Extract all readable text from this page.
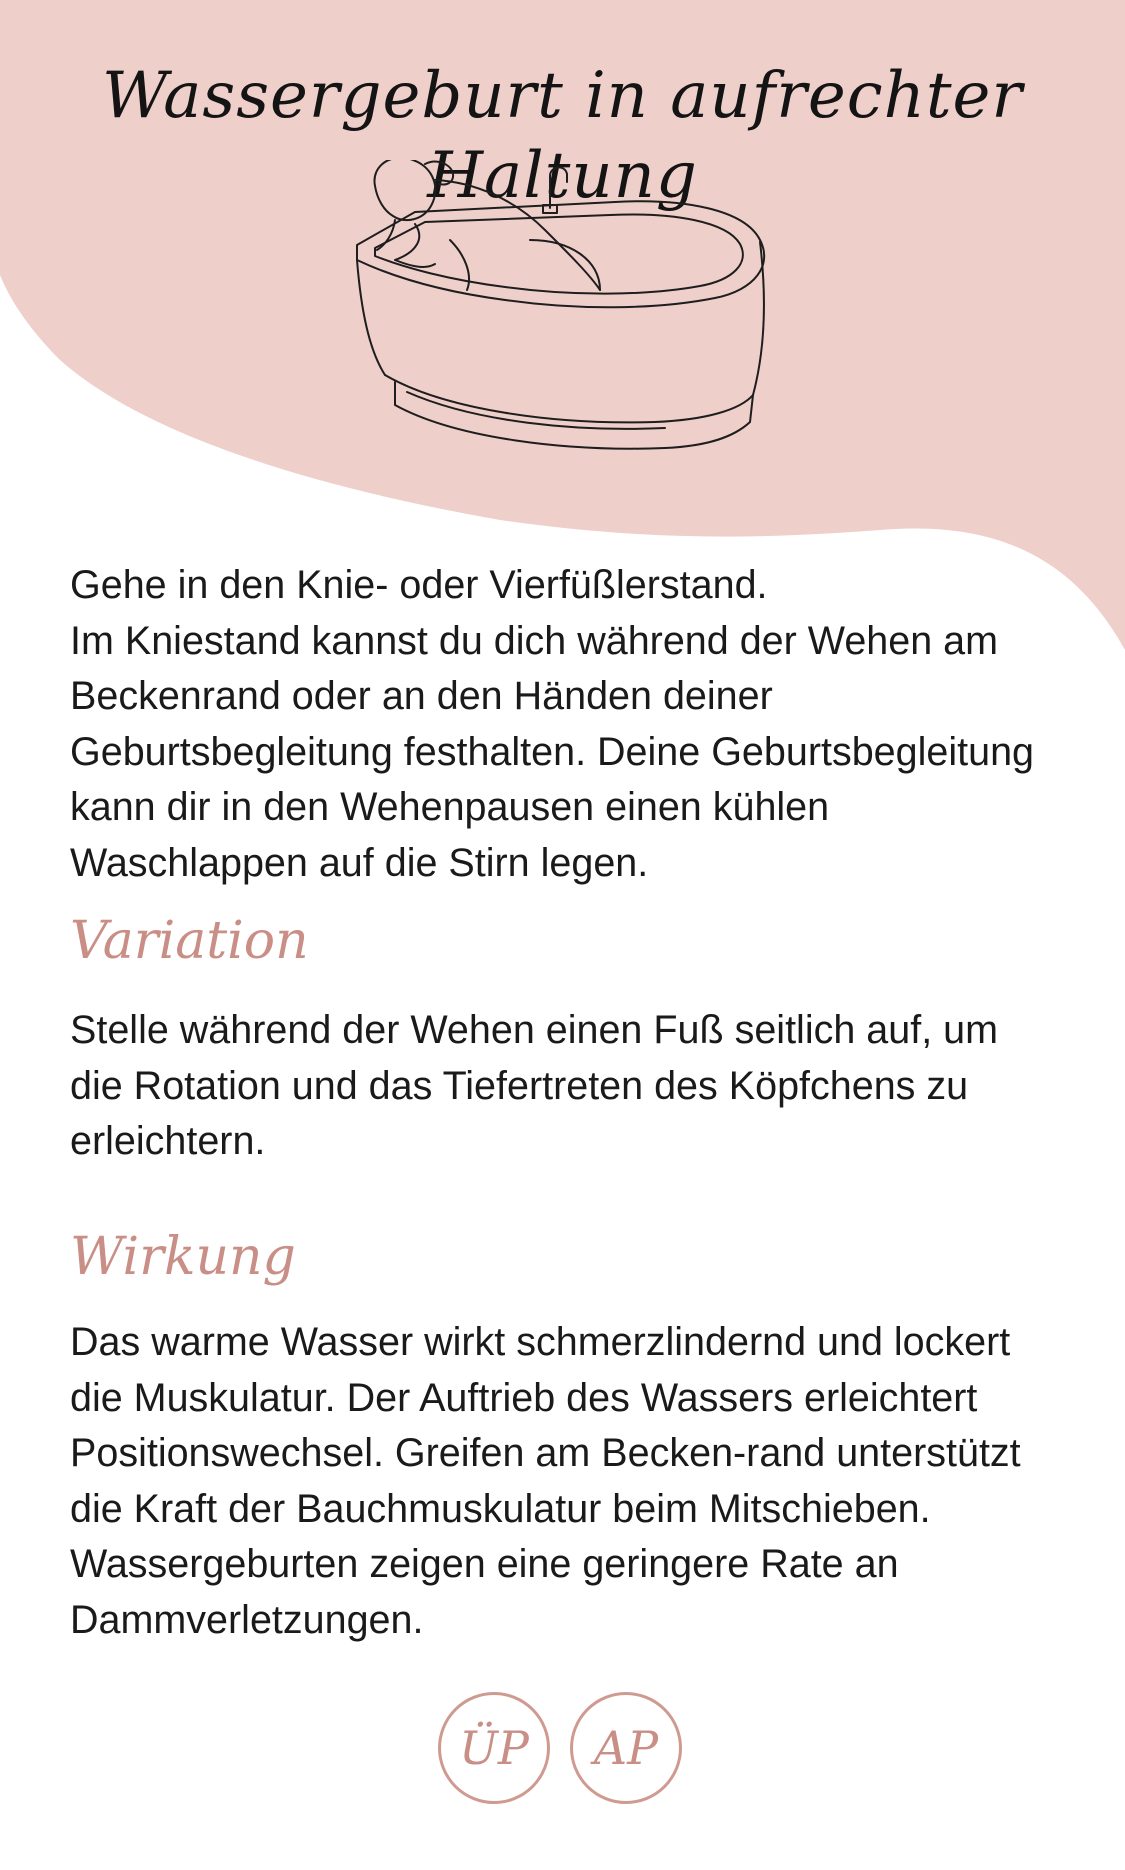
Wassergeburt in aufrechter Haltung

Gehe in den Knie- oder Vierfüßlerstand.

Im Kniestand kannst du dich während der Wehen am Beckenrand oder an den Händen deiner Geburtsbegleitung festhalten. Deine Geburtsbegleitung kann dir in den Wehenpausen einen kühlen Waschlappen auf die Stirn legen.

Variation

Stelle während der Wehen einen Fuß seitlich auf, um die Rotation und das Tiefertreten des Köpfchens zu erleichtern.

Wirkung

Das warme Wasser wirkt schmerzlindernd und lockert die Muskulatur. Der Auftrieb des Wassers erleichtert Positionswechsel. Greifen am Becken-rand unterstützt die Kraft der Bauchmuskulatur beim Mitschieben. Wassergeburten zeigen eine geringere Rate an Dammverletzungen.

ÜP AP
